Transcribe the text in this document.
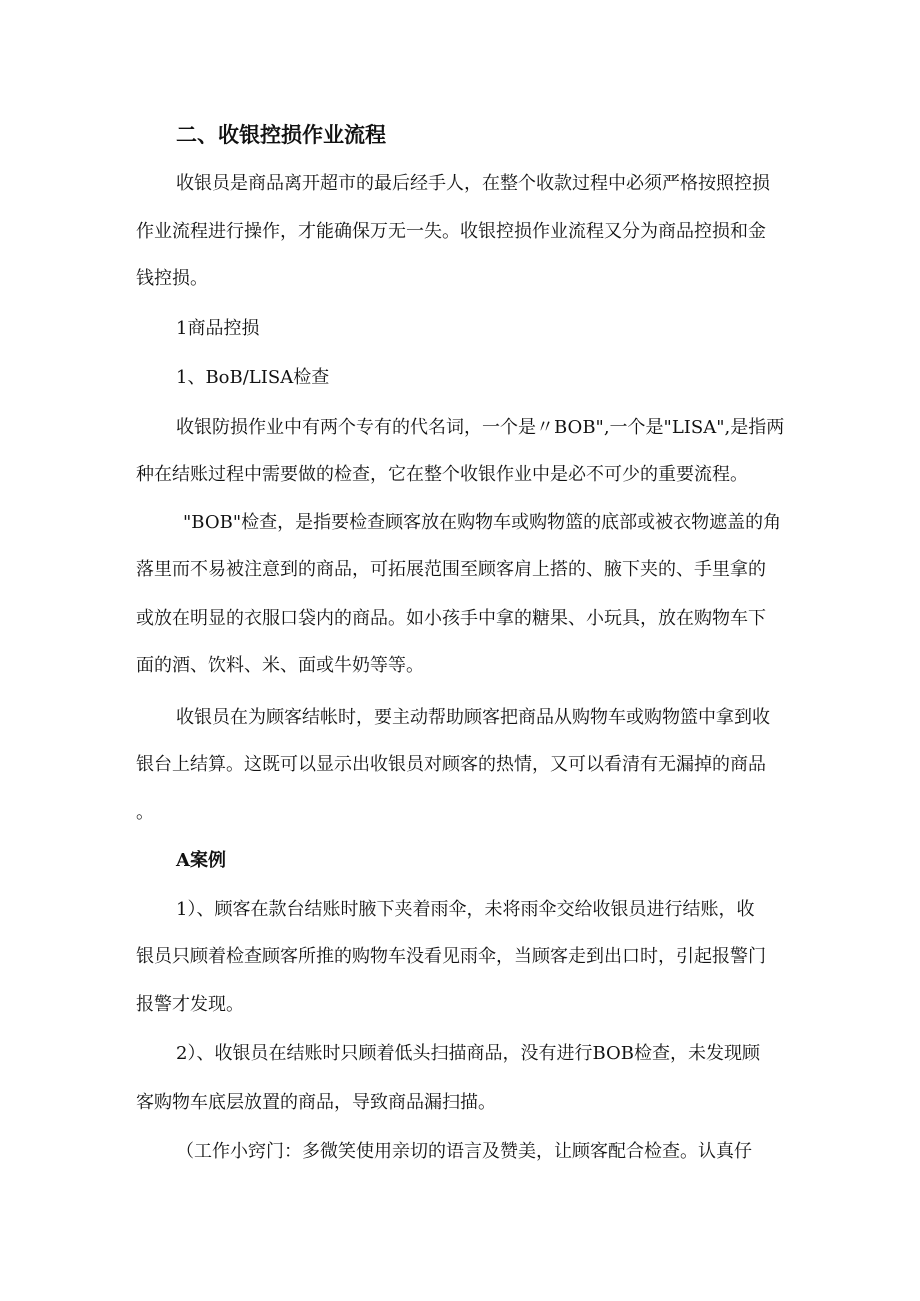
二、收银控损作业流程

收银员是商品离开超市的最后经手人，在整个收款过程中必须严格按照控损

作业流程进行操作，才能确保万无一失。收银控损作业流程又分为商品控损和金

钱控损。

1商品控损

1、BoB/LISA检查

收银防损作业中有两个专有的代名词，一个是〃BOB",一个是"LISA",是指两

种在结账过程中需要做的检查，它在整个收银作业中是必不可少的重要流程。

"BOB"检查，是指要检查顾客放在购物车或购物篮的底部或被衣物遮盖的角

落里而不易被注意到的商品，可拓展范围至顾客肩上搭的、腋下夹的、手里拿的

或放在明显的衣服口袋内的商品。如小孩手中拿的糖果、小玩具，放在购物车下

面的酒、饮料、米、面或牛奶等等。

收银员在为顾客结帐时，要主动帮助顾客把商品从购物车或购物篮中拿到收

银台上结算。这既可以显示出收银员对顾客的热情，又可以看清有无漏掉的商品

。

A案例

1）、顾客在款台结账时腋下夹着雨伞，未将雨伞交给收银员进行结账，收

银员只顾着检查顾客所推的购物车没看见雨伞，当顾客走到出口时，引起报警门

报警才发现。

2）、收银员在结账时只顾着低头扫描商品，没有进行BOB检查，未发现顾

客购物车底层放置的商品，导致商品漏扫描。

（工作小窍门：多微笑使用亲切的语言及赞美，让顾客配合检查。认真仔
